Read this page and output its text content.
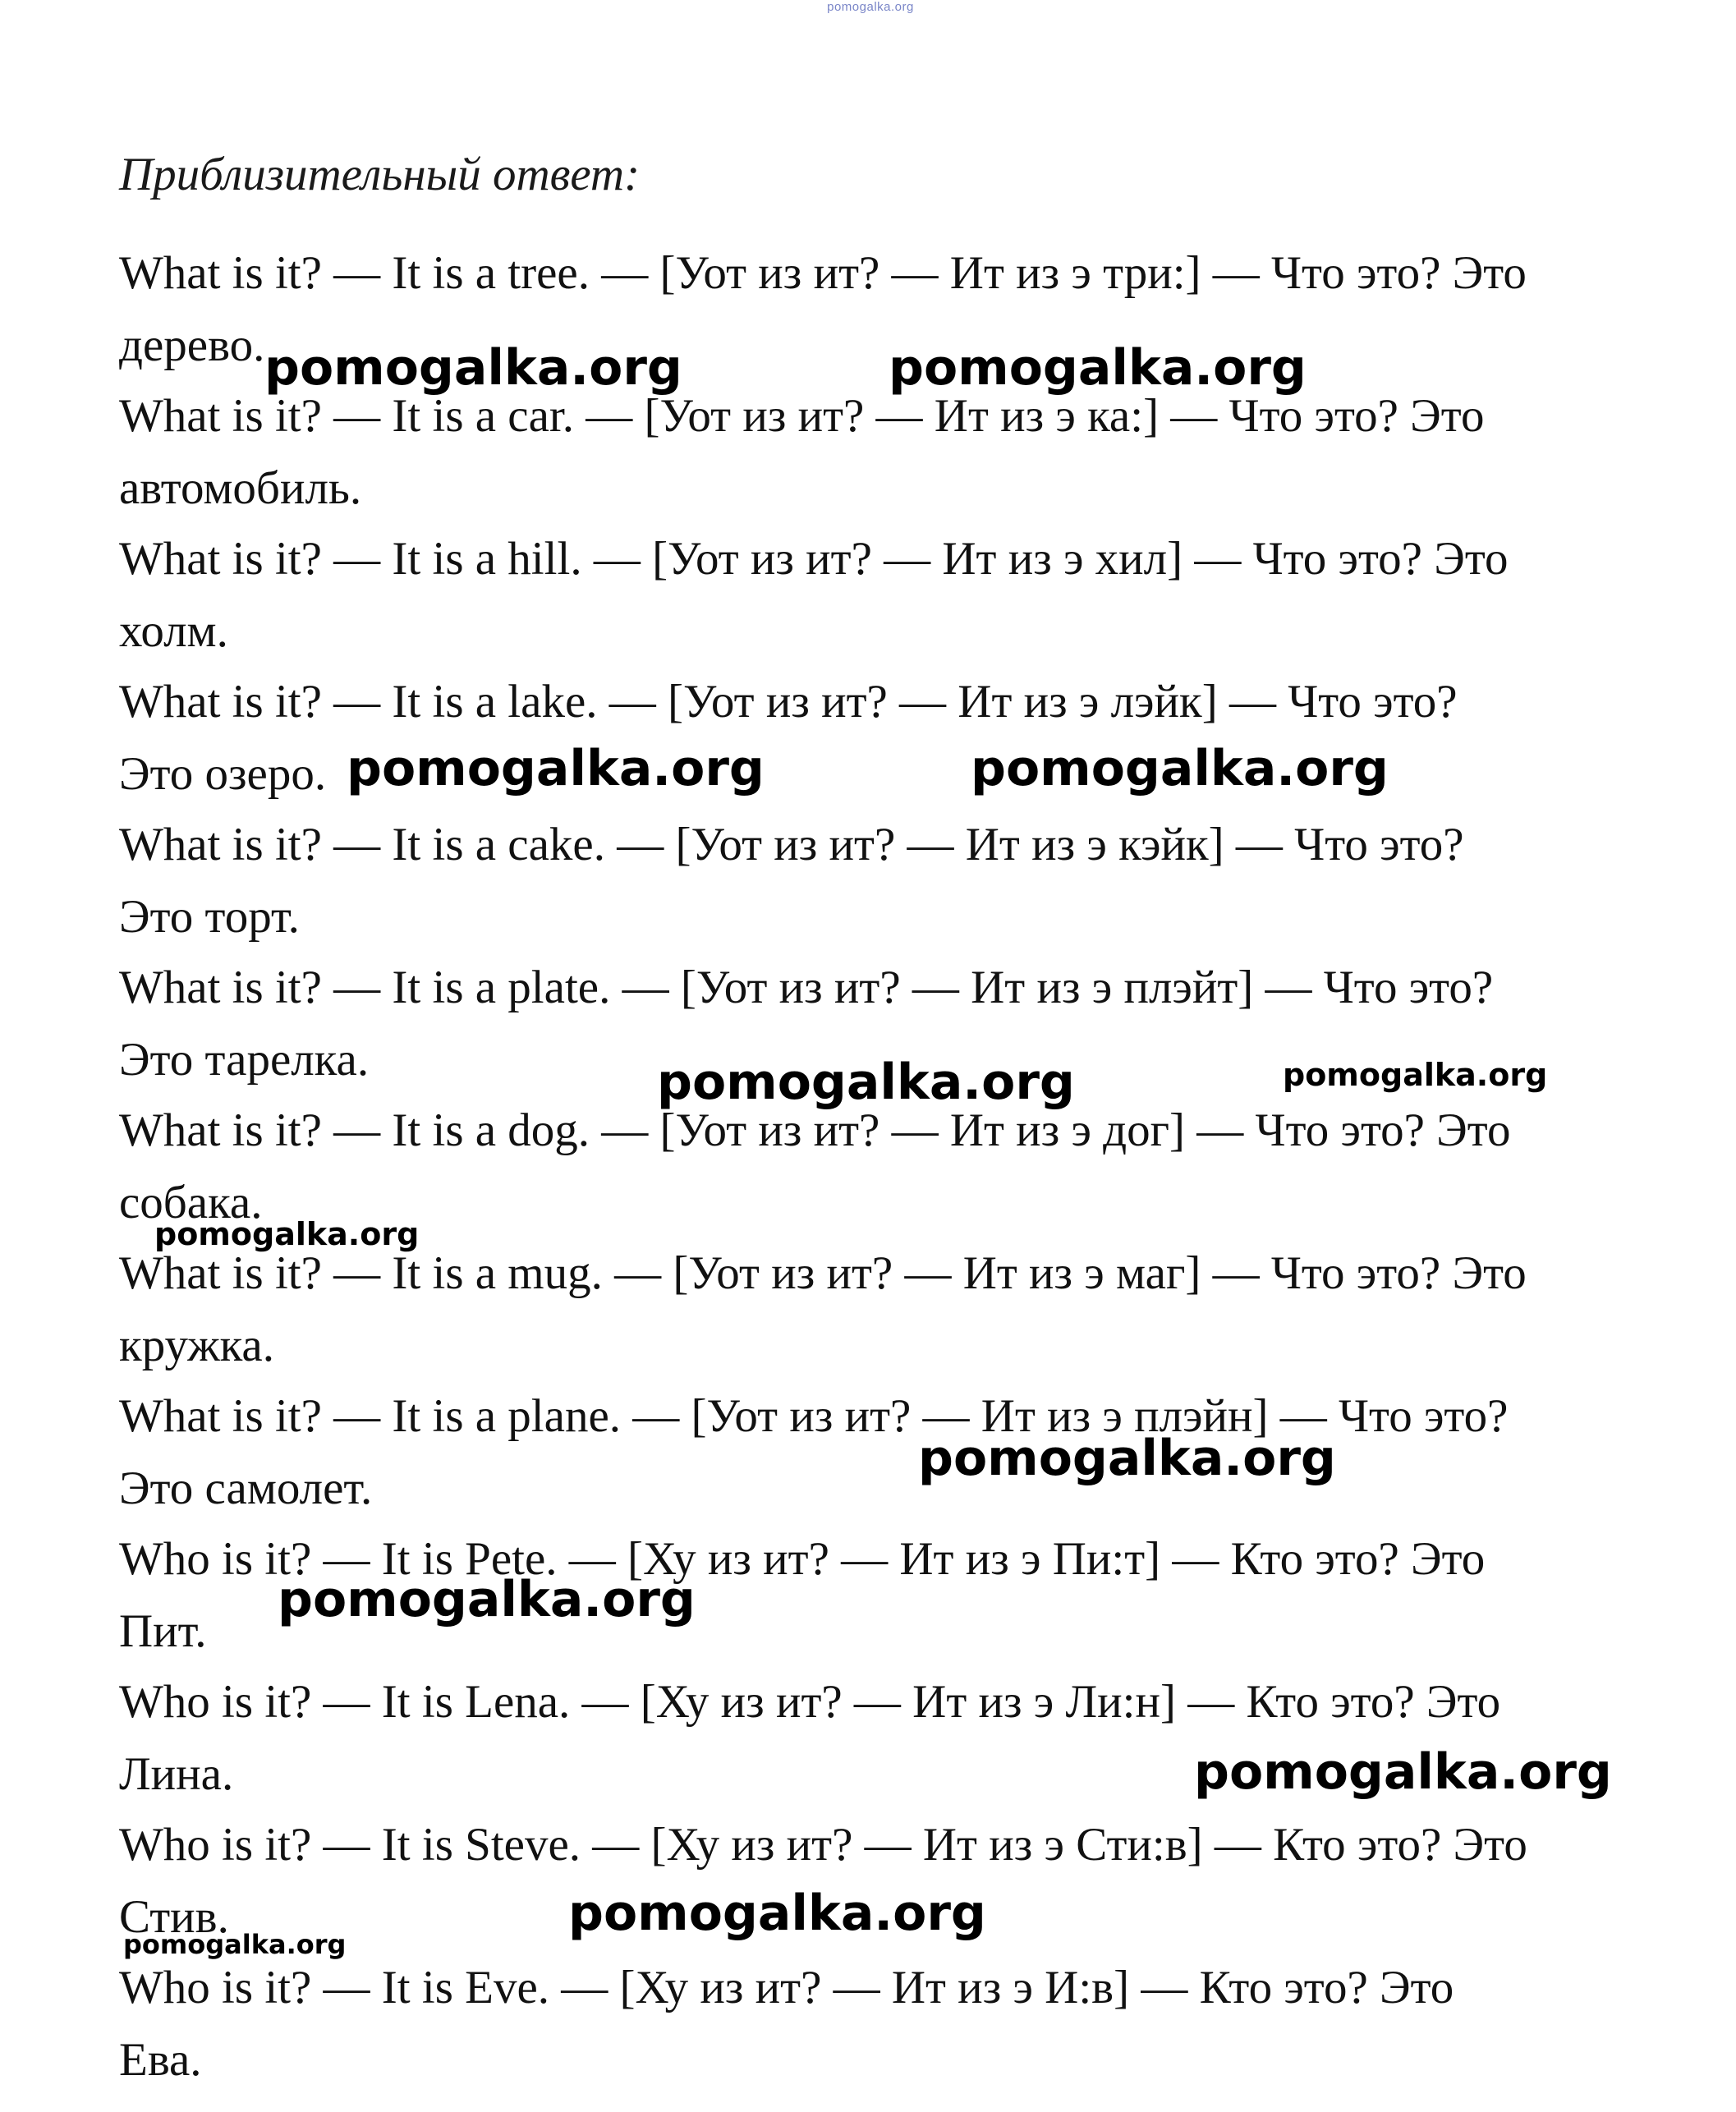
pomogalka.org
Приблизительный ответ:
What is it? — It is a tree. — [Уот из ит? — Ит из э три:] — Что это? Это
дерево.
What is it? — It is a car. — [Уот из ит? — Ит из э ка:] — Что это? Это
автомобиль.
What is it? — It is a hill. — [Уот из ит? — Ит из э хил] — Что это? Это
холм.
What is it? — It is a lake. — [Уот из ит? — Ит из э лэйк] — Что это?
Это озеро.
What is it? — It is a cake. — [Уот из ит? — Ит из э кэйк] — Что это?
Это торт.
What is it? — It is a plate. — [Уот из ит? — Ит из э плэйт] — Что это?
Это тарелка.
What is it? — It is a dog. — [Уот из ит? — Ит из э дог] — Что это? Это
собака.
What is it? — It is a mug. — [Уот из ит? — Ит из э маг] — Что это? Это
кружка.
What is it? — It is a plane. — [Уот из ит? — Ит из э плэйн] — Что это?
Это самолет.
Who is it? — It is Pete. — [Ху из ит? — Ит из э Пи:т] — Кто это? Это
Пит.
Who is it? — It is Lena. — [Ху из ит? — Ит из э Ли:н] — Кто это? Это
Лина.
Who is it? — It is Steve. — [Ху из ит? — Ит из э Сти:в] — Кто это? Это
Стив.
Who is it? — It is Eve. — [Ху из ит? — Ит из э И:в] — Кто это? Это
Ева.
pomogalka.org	pomogalka.org
pomogalka.org	pomogalka.org
pomogalka.org	pomogalka.org
pomogalka.org
pomogalka.org
pomogalka.org
pomogalka.org
pomogalka.org
pomogalka.org
